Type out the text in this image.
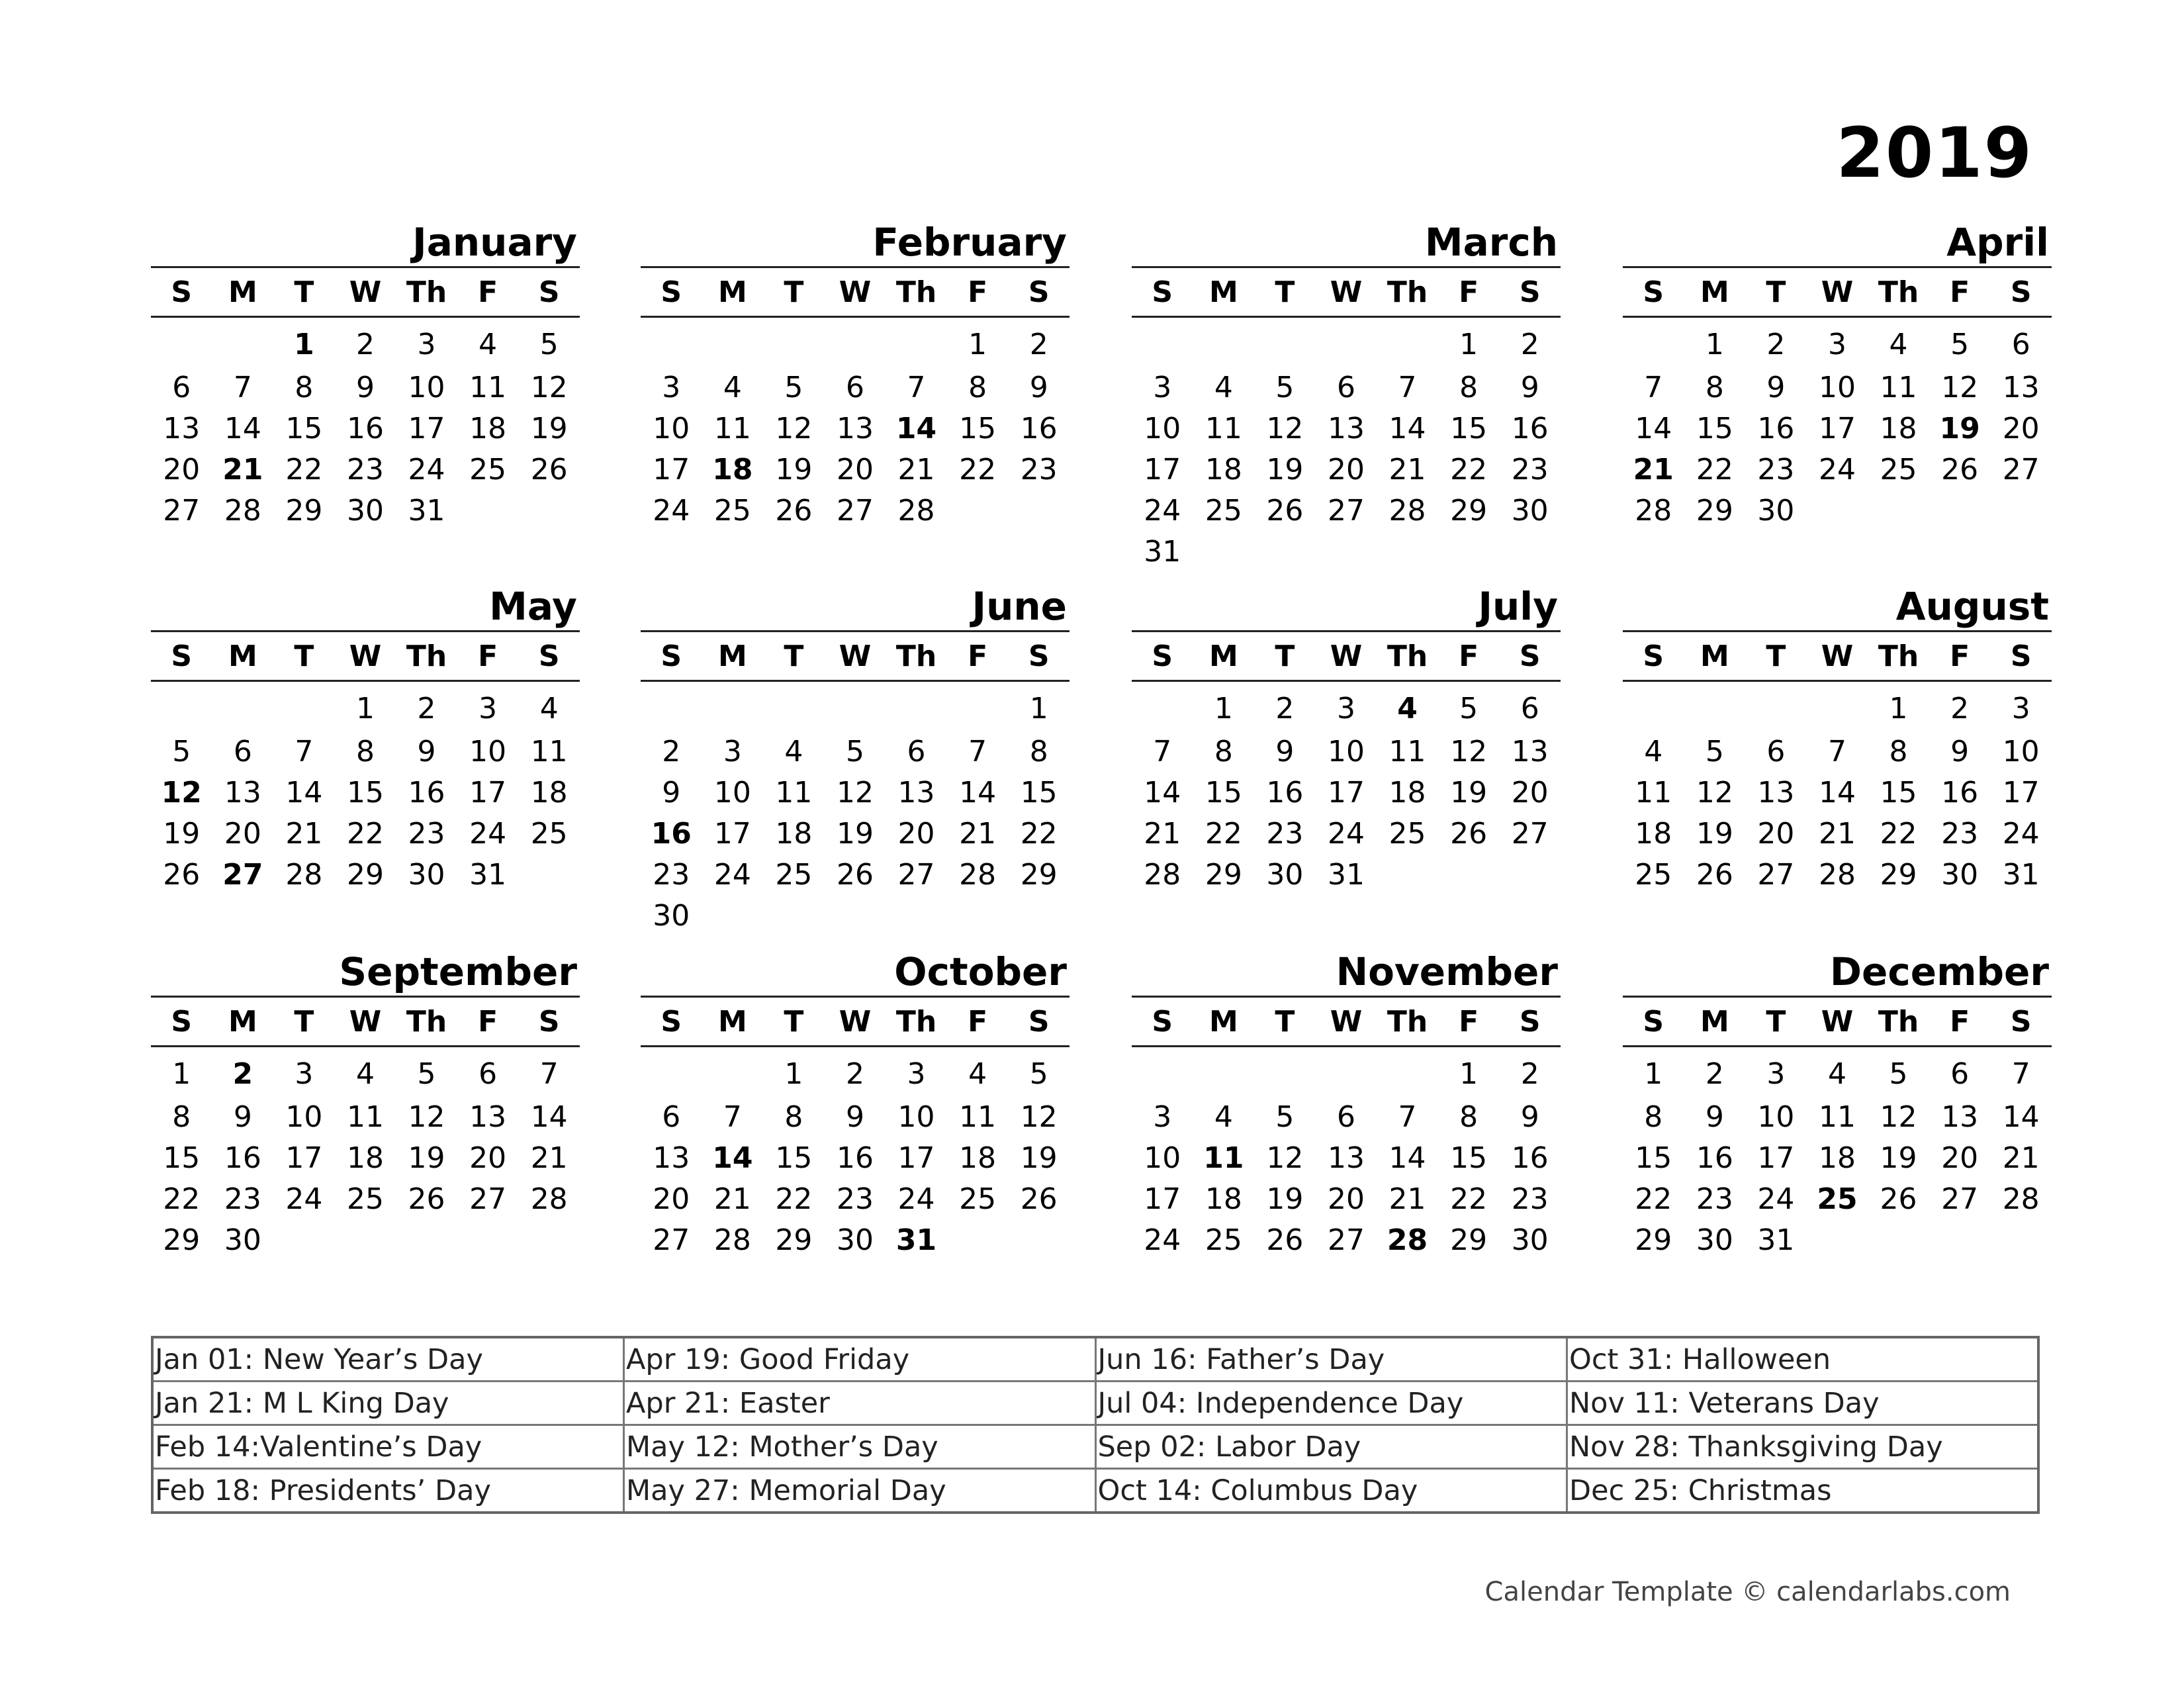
2019
January
S	M	T	W	Th	F	S
		1	2	3	4	5
6	7	8	9	10	11	12
13	14	15	16	17	18	19
20	21	22	23	24	25	26
27	28	29	30	31		
February
S	M	T	W	Th	F	S
					1	2
3	4	5	6	7	8	9
10	11	12	13	14	15	16
17	18	19	20	21	22	23
24	25	26	27	28		
March
S	M	T	W	Th	F	S
					1	2
3	4	5	6	7	8	9
10	11	12	13	14	15	16
17	18	19	20	21	22	23
24	25	26	27	28	29	30
31						
April
S	M	T	W	Th	F	S
	1	2	3	4	5	6
7	8	9	10	11	12	13
14	15	16	17	18	19	20
21	22	23	24	25	26	27
28	29	30				
May
S	M	T	W	Th	F	S
			1	2	3	4
5	6	7	8	9	10	11
12	13	14	15	16	17	18
19	20	21	22	23	24	25
26	27	28	29	30	31	
June
S	M	T	W	Th	F	S
						1
2	3	4	5	6	7	8
9	10	11	12	13	14	15
16	17	18	19	20	21	22
23	24	25	26	27	28	29
30						
July
S	M	T	W	Th	F	S
	1	2	3	4	5	6
7	8	9	10	11	12	13
14	15	16	17	18	19	20
21	22	23	24	25	26	27
28	29	30	31			
August
S	M	T	W	Th	F	S
				1	2	3
4	5	6	7	8	9	10
11	12	13	14	15	16	17
18	19	20	21	22	23	24
25	26	27	28	29	30	31
September
S	M	T	W	Th	F	S
1	2	3	4	5	6	7
8	9	10	11	12	13	14
15	16	17	18	19	20	21
22	23	24	25	26	27	28
29	30					
October
S	M	T	W	Th	F	S
		1	2	3	4	5
6	7	8	9	10	11	12
13	14	15	16	17	18	19
20	21	22	23	24	25	26
27	28	29	30	31		
November
S	M	T	W	Th	F	S
					1	2
3	4	5	6	7	8	9
10	11	12	13	14	15	16
17	18	19	20	21	22	23
24	25	26	27	28	29	30
December
S	M	T	W	Th	F	S
1	2	3	4	5	6	7
8	9	10	11	12	13	14
15	16	17	18	19	20	21
22	23	24	25	26	27	28
29	30	31				
Jan 01: New Year’s Day	Apr 19: Good Friday	Jun 16: Father’s Day	Oct 31: Halloween
Jan 21: M L King Day	Apr 21: Easter	Jul 04: Independence Day	Nov 11: Veterans Day
Feb 14:Valentine’s Day	May 12: Mother’s Day	Sep 02: Labor Day	Nov 28: Thanksgiving Day
Feb 18: Presidents’ Day	May 27: Memorial Day	Oct 14: Columbus Day	Dec 25: Christmas
Calendar Template © calendarlabs.com
